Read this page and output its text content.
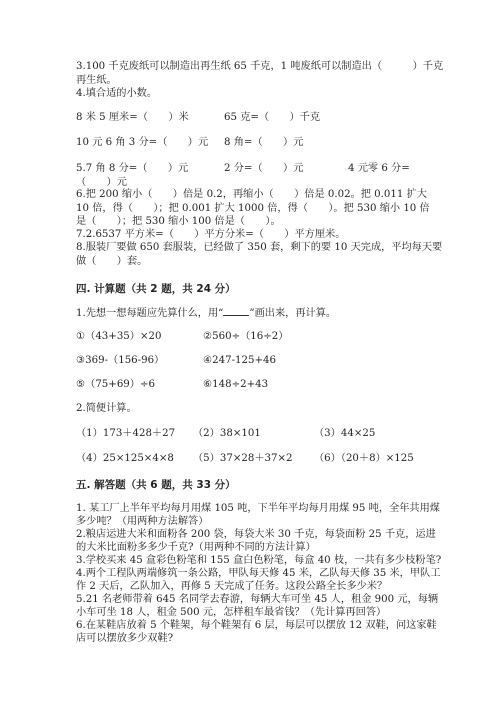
3.100 千克废纸可以制造出再生纸 65 千克，1 吨废纸可以制造出（　　　）千克
再生纸。
4.填合适的小数。
8 米 5 厘米=（　　）米	65 克=（　　）千克
10 元 6 角 3 分=（　　）元 8 角=（　　）元
5.7 角 8 分=（　　）元	2 分=（　　）元	4 元零 6 分=
（　　）元
6.把 200 缩小（　　）倍是 0.2，再缩小（　　）倍是 0.02。把 0.011 扩大
10 倍，得（　　）；把 0.001 扩大 1000 倍，得（　　）。把 530 缩小 10 倍
是（　　）；把 530 缩小 100 倍是（　　）。
7.2.6537 平方米=（　　）平方分米=（　　）平方厘米。
8.服装厂要做 650 套服装，已经做了 350 套，剩下的要 10 天完成，平均每天要
做（　　）套。
四. 计算题（共 2 题，共 24 分）
1.先想一想每题应先算什么，用“	”画出来，再计算。
①（43+35）×20	②560÷（16÷2）
③369-（156-96）	④247-125+46
⑤（75+69）÷6	⑥148÷2+43
2.简便计算。
（1）173＋428＋27 （2）38×101	（3）44×25
（4）25×125×4×8 （5）37×28＋37×2 （6）（20＋8）×125
五. 解答题（共 6 题，共 33 分）
1. 某工厂上半年平均每月用煤 105 吨，下半年平均每月用煤 95 吨，全年共用煤
多少吨？（用两种方法解答）
2.粮店运进大米和面粉各 200 袋，每袋大米 30 千克，每袋面粉 25 千克，运进
的大米比面粉多多少千克?（用两种不同的方法计算）
3.学校买来 45 盒彩色粉笔和 155 盒白色粉笔，每盒 40 枝，一共有多少枝粉笔?
4.两个工程队两端修筑一条公路，甲队每天修 45 米，乙队每天修 35 米，甲队工
作 2 天后，乙队加入，再修 5 天完成了任务。这段公路全长多少米？
5.21 名老师带着 645 名同学去春游，每辆大车可坐 45 人，租金 900 元，每辆
小车可坐 18 人，租金 500 元，怎样租车最省钱？（先计算再回答）
6.在某鞋店放着 5 个鞋架，每个鞋架有 6 层，每层可以摆放 12 双鞋，问这家鞋
店可以摆放多少双鞋?
